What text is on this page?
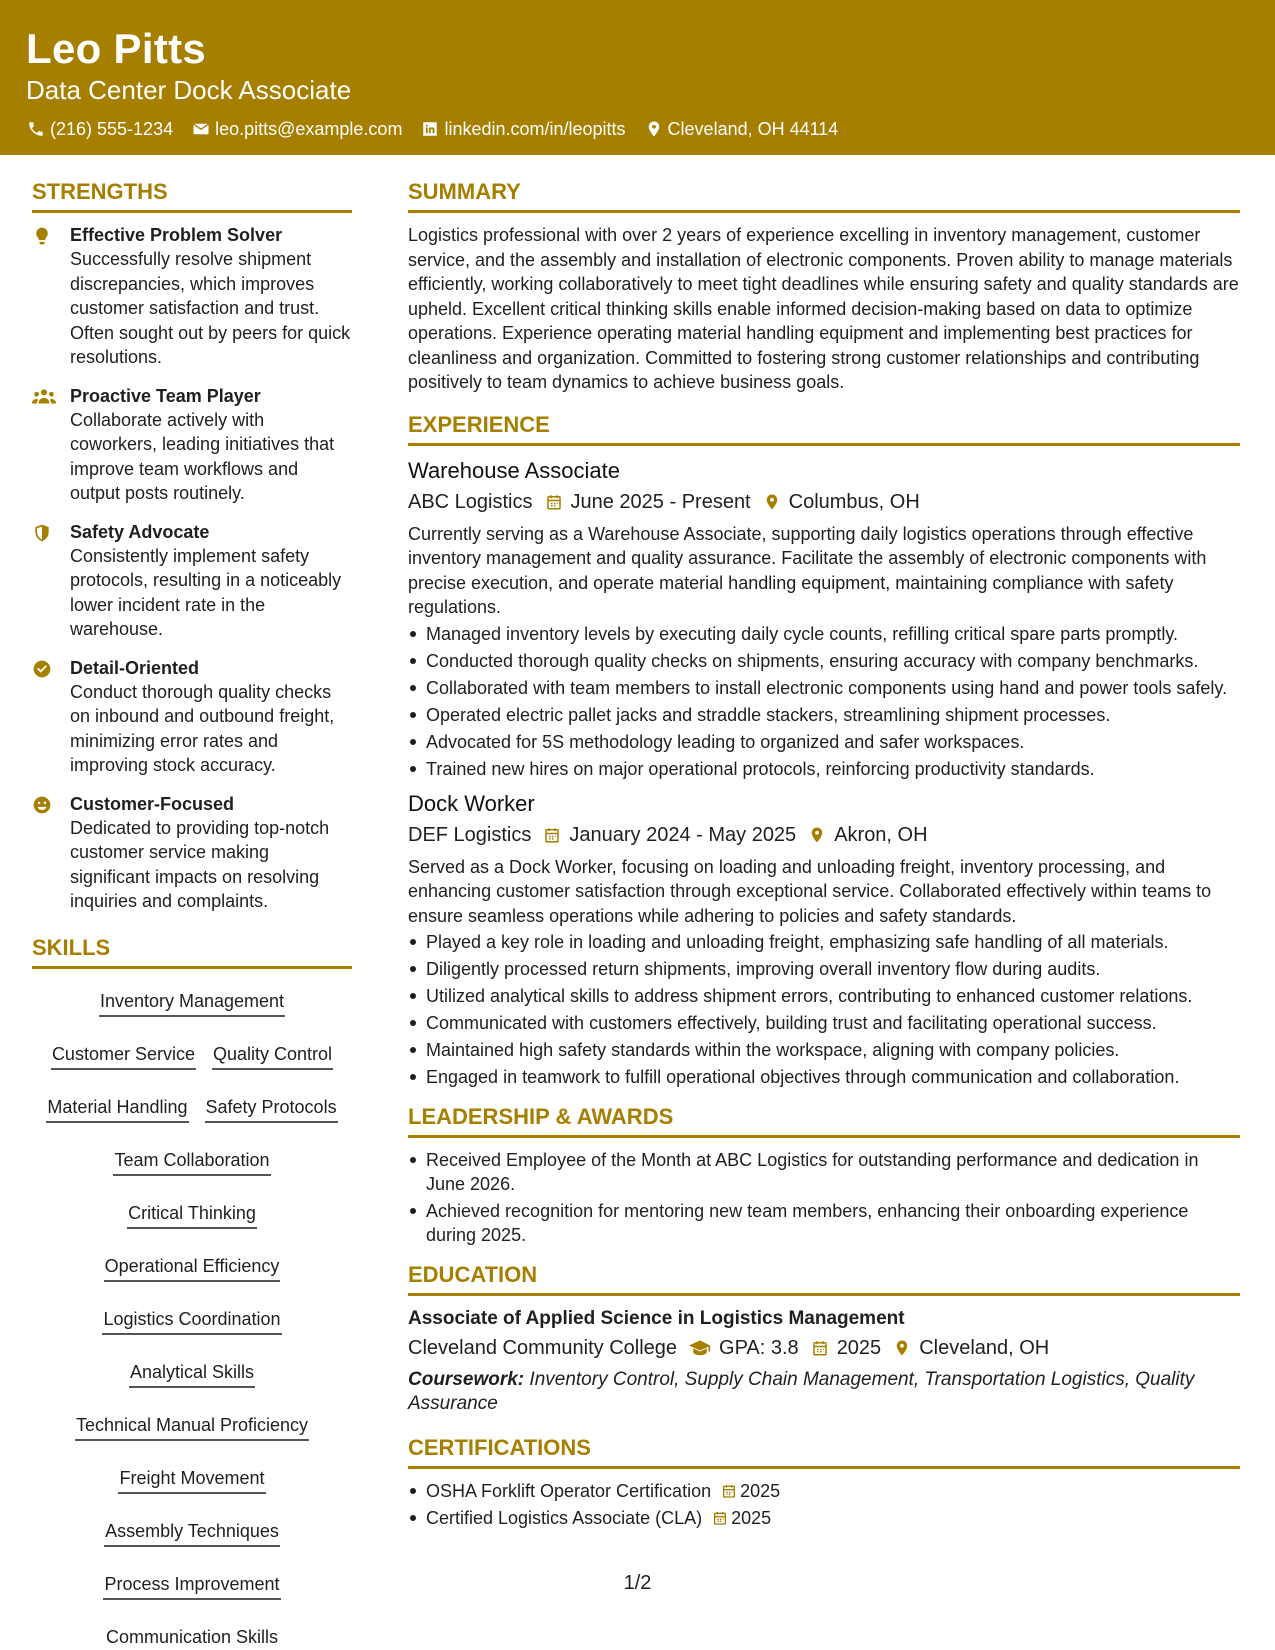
Leo Pitts
Data Center Dock Associate
(216) 555-1234 leo.pitts@example.com linkedin.com/in/leopitts Cleveland, OH 44114
STRENGTHS
Effective Problem Solver
Successfully resolve shipment discrepancies, which improves customer satisfaction and trust. Often sought out by peers for quick resolutions.
Proactive Team Player
Collaborate actively with coworkers, leading initiatives that improve team workflows and output posts routinely.
Safety Advocate
Consistently implement safety protocols, resulting in a noticeably lower incident rate in the warehouse.
Detail-Oriented
Conduct thorough quality checks on inbound and outbound freight, minimizing error rates and improving stock accuracy.
Customer-Focused
Dedicated to providing top-notch customer service making significant impacts on resolving inquiries and complaints.
SKILLS
Inventory Management
Customer Service Quality Control
Material Handling Safety Protocols
Team Collaboration
Critical Thinking
Operational Efficiency
Logistics Coordination
Analytical Skills
Technical Manual Proficiency
Freight Movement
Assembly Techniques
Process Improvement
Communication Skills
SUMMARY
Logistics professional with over 2 years of experience excelling in inventory management, customer service, and the assembly and installation of electronic components. Proven ability to manage materials efficiently, working collaboratively to meet tight deadlines while ensuring safety and quality standards are upheld. Excellent critical thinking skills enable informed decision-making based on data to optimize operations. Experience operating material handling equipment and implementing best practices for cleanliness and organization. Committed to fostering strong customer relationships and contributing positively to team dynamics to achieve business goals.
EXPERIENCE
Warehouse Associate
ABC Logistics June 2025 - Present Columbus, OH
Currently serving as a Warehouse Associate, supporting daily logistics operations through effective inventory management and quality assurance. Facilitate the assembly of electronic components with precise execution, and operate material handling equipment, maintaining compliance with safety regulations.
Managed inventory levels by executing daily cycle counts, refilling critical spare parts promptly.
Conducted thorough quality checks on shipments, ensuring accuracy with company benchmarks.
Collaborated with team members to install electronic components using hand and power tools safely.
Operated electric pallet jacks and straddle stackers, streamlining shipment processes.
Advocated for 5S methodology leading to organized and safer workspaces.
Trained new hires on major operational protocols, reinforcing productivity standards.
Dock Worker
DEF Logistics January 2024 - May 2025 Akron, OH
Served as a Dock Worker, focusing on loading and unloading freight, inventory processing, and enhancing customer satisfaction through exceptional service. Collaborated effectively within teams to ensure seamless operations while adhering to policies and safety standards.
Played a key role in loading and unloading freight, emphasizing safe handling of all materials.
Diligently processed return shipments, improving overall inventory flow during audits.
Utilized analytical skills to address shipment errors, contributing to enhanced customer relations.
Communicated with customers effectively, building trust and facilitating operational success.
Maintained high safety standards within the workspace, aligning with company policies.
Engaged in teamwork to fulfill operational objectives through communication and collaboration.
LEADERSHIP & AWARDS
Received Employee of the Month at ABC Logistics for outstanding performance and dedication in June 2026.
Achieved recognition for mentoring new team members, enhancing their onboarding experience during 2025.
EDUCATION
Associate of Applied Science in Logistics Management
Cleveland Community College GPA: 3.8 2025 Cleveland, OH
Coursework: Inventory Control, Supply Chain Management, Transportation Logistics, Quality Assurance
CERTIFICATIONS
OSHA Forklift Operator Certification 2025
Certified Logistics Associate (CLA) 2025
1/2
